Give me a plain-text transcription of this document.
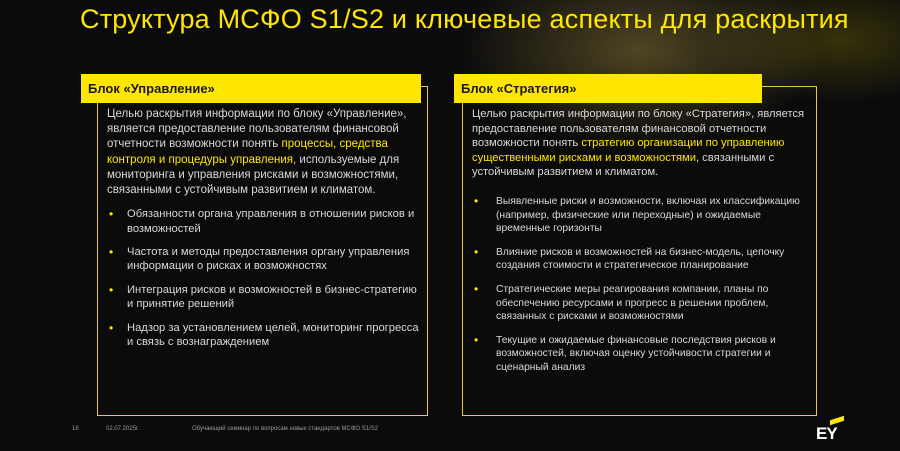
Структура МСФО S1/S2 и ключевые аспекты для раскрытия
Блок «Управление»

Целью раскрытия информации по блоку «Управление», является предоставление пользователям финансовой отчетности возможности понять процессы, средства контроля и процедуры управления, используемые для мониторинга и управления рисками и возможностями, связанными с устойчивым развитием и климатом.

• Обязанности органа управления в отношении рисков и возможностей
• Частота и методы предоставления органу управления информации о рисках и возможностях
• Интеграция рисков и возможностей в бизнес-стратегию и принятие решений
• Надзор за установлением целей, мониторинг прогресса и связь с вознаграждением
Блок «Стратегия»

Целью раскрытия информации по блоку «Стратегия», является предоставление пользователям финансовой отчетности возможности понять стратегию организации по управлению существенными рисками и возможностями, связанными с устойчивым развитием и климатом.

• Выявленные риски и возможности, включая их классификацию (например, физические или переходные) и ожидаемые временные горизонты
• Влияние рисков и возможностей на бизнес-модель, цепочку создания стоимости и стратегическое планирование
• Стратегические меры реагирования компании, планы по обеспечению ресурсами и прогресс в решении проблем, связанных с рисками и возможностями
• Текущие и ожидаемые финансовые последствия рисков и возможностей, включая оценку устойчивости стратегии и сценарный анализ
18	02.07.2025г.	Обучающий семинар по вопросам новых стандартов МСФО S1/S2	EY
